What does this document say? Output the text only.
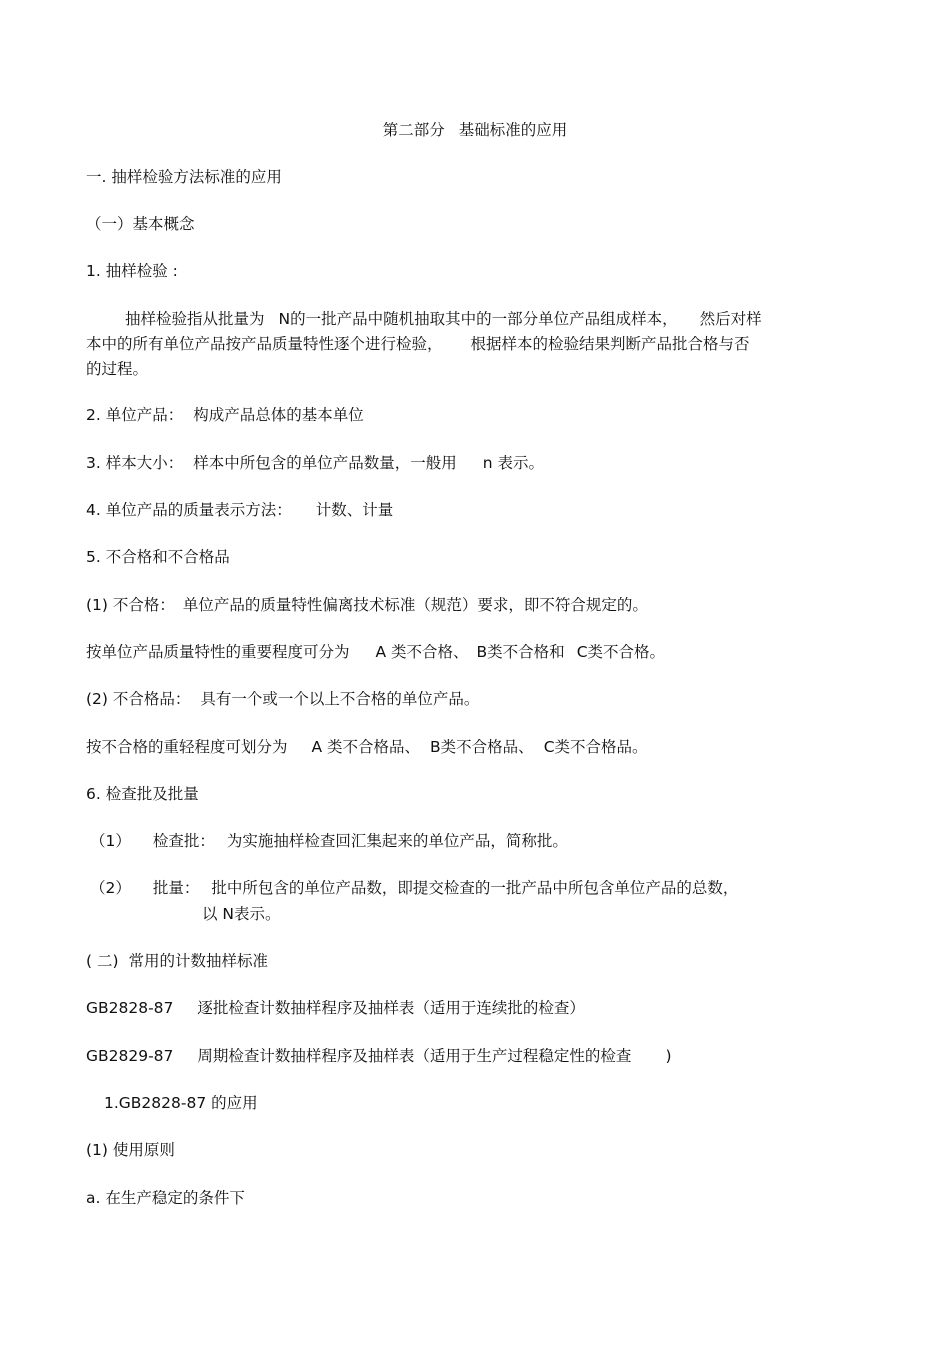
第二部分 基础标准的应用
一. 抽样检验方法标准的应用
（一）基本概念
1. 抽样检验 :
抽样检验指从批量为 N的一批产品中随机抽取其中的一部分单位产品组成样本， 然后对样
本中的所有单位产品按产品质量特性逐个进行检验， 根据样本的检验结果判断产品批合格与否
的过程。
2. 单位产品： 构成产品总体的基本单位
3. 样本大小： 样本中所包含的单位产品数量，一般用 n 表示。
4. 单位产品的质量表示方法： 计数、计量
5. 不合格和不合格品
(1) 不合格： 单位产品的质量特性偏离技术标准（规范）要求，即不符合规定的。
按单位产品质量特性的重要程度可分为 A 类不合格、 B类不合格和 C类不合格。
(2) 不合格品： 具有一个或一个以上不合格的单位产品。
按不合格的重轻程度可划分为 A 类不合格品、 B类不合格品、 C类不合格品。
6. 检查批及批量
（1） 检查批： 为实施抽样检查回汇集起来的单位产品，简称批。
（2） 批量： 批中所包含的单位产品数，即提交检查的一批产品中所包含单位产品的总数，
以 N表示。
( 二) 常用的计数抽样标准
GB2828-87 逐批检查计数抽样程序及抽样表（适用于连续批的检查）
GB2829-87 周期检查计数抽样程序及抽样表（适用于生产过程稳定性的检查 )
1.GB2828-87 的应用
(1) 使用原则
a. 在生产稳定的条件下
